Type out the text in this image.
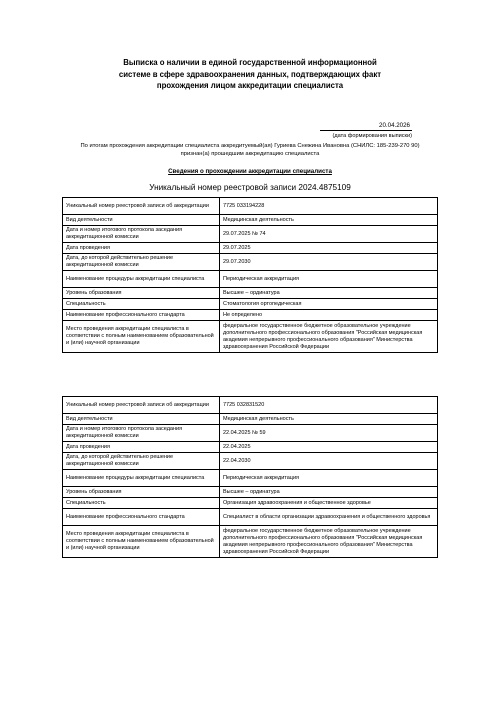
Выписка о наличии в единой государственной информационной
системе в сфере здравоохранения данных, подтверждающих факт
прохождения лицом аккредитации специалиста
20.04.2026
(дата формирования выписки)
По итогам прохождения аккредитации специалиста аккредитуемый(ая) Гуриева Снежина Ивановна (СНИЛС: 185-239-270 90)
признан(а) прошедшим аккредитацию специалиста
Сведения о прохождении аккредитации специалиста
Уникальный номер реестровой записи 2024.4875109
Уникальный номер реестровой записи об аккредитации	7725 033194228
Вид деятельности	Медицинская деятельность
Дата и номер итогового протокола заседания аккредитационной комиссии	29.07.2025 № 74
Дата проведения	29.07.2025
Дата, до которой действительно решение аккредитационной комиссии	29.07.2030
Наименование процедуры аккредитации специалиста	Периодическая аккредитация
Уровень образования	Высшее – ординатура
Специальность	Стоматология ортопедическая
Наименование профессионального стандарта	Не определено
Место проведения аккредитации специалиста в соответствии с полным наименованием образовательной и (или) научной организации	федеральное государственное бюджетное образовательное учреждение дополнительного профессионального образования "Российская медицинская академия непрерывного профессионального образования" Министерства здравоохранения Российской Федерации
Уникальный номер реестровой записи об аккредитации	7725 032831520
Вид деятельности	Медицинская деятельность
Дата и номер итогового протокола заседания аккредитационной комиссии	22.04.2025 № 59
Дата проведения	22.04.2025
Дата, до которой действительно решение аккредитационной комиссии	22.04.2030
Наименование процедуры аккредитации специалиста	Периодическая аккредитация
Уровень образования	Высшее – ординатура
Специальность	Организация здравоохранения и общественное здоровье
Наименование профессионального стандарта	Специалист в области организации здравоохранения и общественного здоровья
Место проведения аккредитации специалиста в соответствии с полным наименованием образовательной и (или) научной организации	федеральное государственное бюджетное образовательное учреждение дополнительного профессионального образования "Российская медицинская академия непрерывного профессионального образования" Министерства здравоохранения Российской Федерации
